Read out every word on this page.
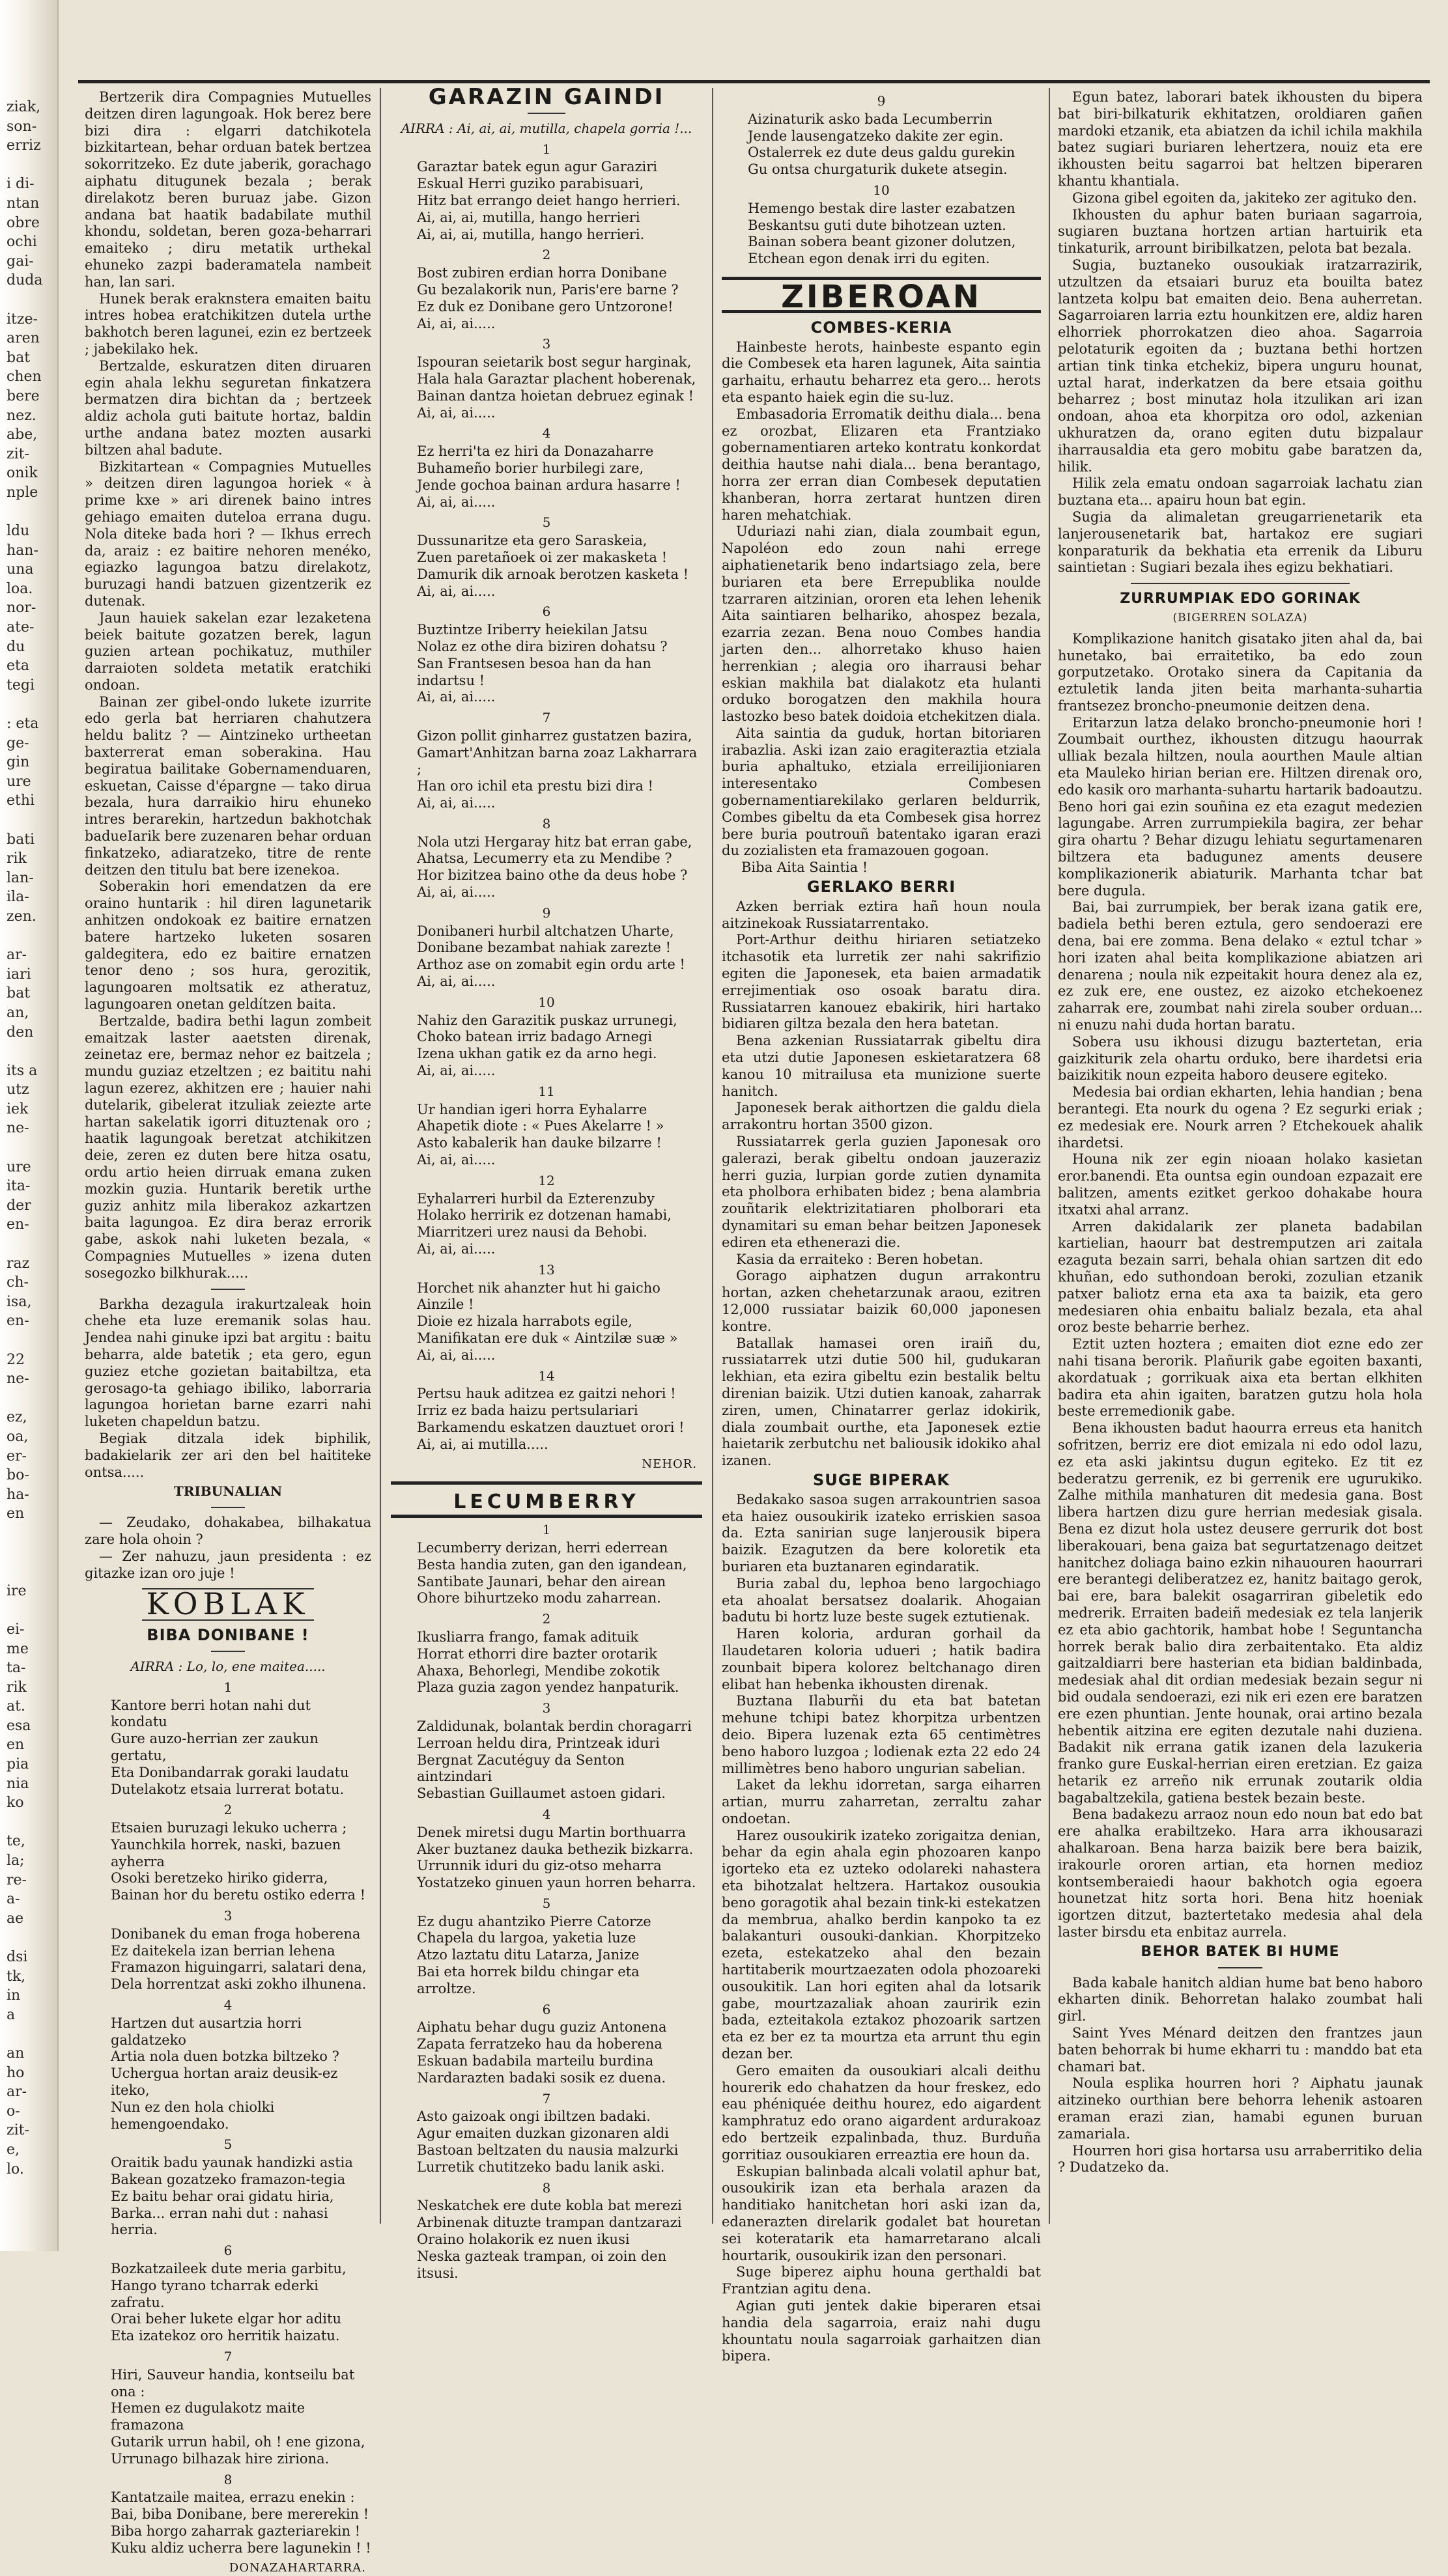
ziak,
son-
erriz
i di-
ntan
obre
ochi
gai-
duda
itze-
aren
bat
chen
bere
nez.
abe,
zit-
onik
nple
ldu
han-
una
loa.
nor-
ate-
du
eta
tegi
: eta
ge-
gin
ure
ethi
bati
rik
lan-
ila-
zen.
ar-
iari
bat
an,
den
its a
utz
iek
ne-
ure
ita-
der
en-
raz
ch-
isa,
en-
22
ne-
ez,
oa,
er-
bo-
ha-
en
ire
ei-
me
ta-
rik
at.
esa
en
pia
nia
ko
te,
la;
re-
a-
ae
dsi
tk,
in
a
an
ho
ar-
o-
zit-
e,
lo.

Bertzerik dira Compagnies Mutuelles deitzen diren lagungoak. Hok berez bere bizi dira : elgarri datchikotela bizkitartean, behar orduan batek bertzea sokorritzeko. Ez dute jaberik, gorachago aiphatu ditugunek bezala ; berak direlakotz beren buruaz jabe. Gizon andana bat haatik badabilate muthil khondu, soldetan, beren goza-beharrari emaiteko ; diru metatik urthekal ehuneko zazpi baderamatela nambeit han, lan sari.

Hunek berak eraknstera emaiten baitu intres hobea eratchikitzen dutela urthe bakhotch beren lagunei, ezin ez bertzeek ; jabekilako hek.

Bertzalde, eskuratzen diten diruaren egin ahala lekhu seguretan finkatzera bermatzen dira bichtan da ; bertzeek aldiz achola guti baitute hortaz, baldin urthe andana batez mozten ausarki biltzen ahal badute.

Bizkitartean « Compagnies Mutuelles » deitzen diren lagungoa horiek « à prime kxe » ari direnek baino intres gehiago emaiten duteloa errana dugu. Nola diteke bada hori ? — Ikhus errech da, araiz : ez baitire nehoren menéko, egiazko lagungoa batzu direlakotz, buruzagi handi batzuen gizentzerik ez dutenak.

Jaun hauiek sakelan ezar lezaketena beiek baitute gozatzen berek, lagun guzien artean pochikatuz, muthiler darraioten soldeta metatik eratchiki ondoan.

Bainan zer gibel-ondo lukete izurrite edo gerla bat herriaren chahutzera heldu balitz ? — Aintzineko urtheetan baxterrerat eman soberakina. Hau begiratua bailitake Gobernamenduaren, eskuetan, Caisse d'épargne — tako dirua bezala, hura darraikio hiru ehuneko intres berarekin, hartzedun bakhotchak badueIarik bere zuzenaren behar orduan finkatzeko, adiaratzeko, titre de rente deitzen den titulu bat bere izenekoa.

Soberakin hori emendatzen da ere oraino huntarik : hil diren lagunetarik anhitzen ondokoak ez baitire ernatzen batere hartzeko luketen sosaren galdegitera, edo ez baitire ernatzen tenor deno ; sos hura, gerozitik, lagungoaren moltsatik ez atheratuz, lagungoaren onetan geldítzen baita.

Bertzalde, badira bethi lagun zombeit emaitzak laster aaetsten direnak, zeinetaz ere, bermaz nehor ez baitzela ; mundu guziaz etzeltzen ; ez baititu nahi lagun ezerez, akhitzen ere ; hauier nahi dutelarik, gibelerat itzuliak zeiezte arte hartan sakelatik igorri dituztenak oro ; haatik lagungoak beretzat atchikitzen deie, zeren ez duten bere hitza osatu, ordu artio heien dirruak emana zuken mozkin guzia. Huntarik beretik urthe guziz anhitz mila liberakoz azkartzen baita lagungoa. Ez dira beraz errorik gabe, askok nahi luketen bezala, « Compagnies Mutuelles » izena duten sosegozko bilkhurak.....

Barkha dezagula irakurtzaleak hoin chehe eta luze eremanik solas hau. Jendea nahi ginuke ipzi bat argitu : baitu beharra, alde batetik ; eta gero, egun guziez etche gozietan baitabiltza, eta gerosago-ta gehiago ibiliko, laborraria lagungoa horietan barne ezarri nahi luketen chapeldun batzu.

Begiak ditzala idek biphilik, badakielarik zer ari den bel haititeke ontsa.....

TRIBUNALIAN

— Zeudako, dohakabea, bilhakatua zare hola ohoin ?

— Zer nahuzu, jaun presidenta : ez gitazke izan oro juje !

KOBLAK
BIBA DONIBANE !
AIRRA : Lo, lo, ene maitea.....
1
Kantore berri hotan nahi dut kondatu
Gure auzo-herrian zer zaukun gertatu,
Eta Donibandarrak goraki laudatu
Dutelakotz etsaia lurrerat botatu.
2
Etsaien buruzagi lekuko ucherra ;
Yaunchkila horrek, naski, bazuen ayherra
Osoki beretzeko hiriko giderra,
Bainan hor du beretu ostiko ederra !
3
Donibanek du eman froga hoberena
Ez daitekela izan berrian lehena
Framazon higuingarri, salatari dena,
Dela horrentzat aski zokho ilhunena.
4
Hartzen dut ausartzia horri galdatzeko
Artia nola duen botzka biltzeko ?
Uchergua hortan araiz deusik-ez iteko,
Nun ez den hola chiolki hemengoendako.
5
Oraitik badu yaunak handizki astia
Bakean gozatzeko framazon-tegia
Ez baitu behar orai gidatu hiria,
Barka... erran nahi dut : nahasi herria.
6
Bozkatzaileek dute meria garbitu,
Hango tyrano tcharrak ederki zafratu.
Orai beher lukete elgar hor aditu
Eta izatekoz oro herritik haizatu.
7
Hiri, Sauveur handia, kontseilu bat ona :
Hemen ez dugulakotz maite framazona
Gutarik urrun habil, oh ! ene gizona,
Urrunago bilhazak hire ziriona.
8
Kantatzaile maitea, errazu enekin :
Bai, biba Donibane, bere mererekin !
Biba horgo zaharrak gazteriarekin !
Kuku aldiz ucherra bere lagunekin ! !
DONAZAHARTARRA.
GARAZIN GAINDI
AIRRA : Ai, ai, ai, mutilla, chapela gorria !...
1
Garaztar batek egun agur Garaziri
Eskual Herri guziko parabisuari,
Hitz bat errango deiet hango herrieri.
Ai, ai, ai, mutilla, hango herrieri
Ai, ai, ai, mutilla, hango herrieri.
2
Bost zubiren erdian horra Donibane
Gu bezalakorik nun, Paris'ere barne ?
Ez duk ez Donibane gero Untzorone!
Ai, ai, ai.....
3
Ispouran seietarik bost segur harginak,
Hala hala Garaztar plachent hoberenak,
Bainan dantza hoietan debruez eginak !
Ai, ai, ai.....
4
Ez herri'ta ez hiri da Donazaharre
Buhameño borier hurbilegi zare,
Jende gochoa bainan ardura hasarre !
Ai, ai, ai.....
5
Dussunaritze eta gero Saraskeia,
Zuen paretañoek oi zer makasketa !
Damurik dik arnoak berotzen kasketa !
Ai, ai, ai.....
6
Buztintze Iriberry heiekilan Jatsu
Nolaz ez othe dira biziren dohatsu ?
San Frantsesen besoa han da han indartsu !
Ai, ai, ai.....
7
Gizon pollit ginharrez gustatzen bazira,
Gamart'Anhitzan barna zoaz Lakharrara ;
Han oro ichil eta prestu bizi dira !
Ai, ai, ai.....
8
Nola utzi Hergaray hitz bat erran gabe,
Ahatsa, Lecumerry eta zu Mendibe ?
Hor bizitzea baino othe da deus hobe ?
Ai, ai, ai.....
9
Donibaneri hurbil altchatzen Uharte,
Donibane bezambat nahiak zarezte !
Arthoz ase on zomabit egin ordu arte !
Ai, ai, ai.....
10
Nahiz den Garazitik puskaz urrunegi,
Choko batean irriz badago Arnegi
Izena ukhan gatik ez da arno hegi.
Ai, ai, ai.....
11
Ur handian igeri horra Eyhalarre
Ahapetik diote : « Pues Akelarre ! »
Asto kabalerik han dauke bilzarre !
Ai, ai, ai.....
12
Eyhalarreri hurbil da Ezterenzuby
Holako herririk ez dotzenan hamabi,
Miarritzeri urez nausi da Behobi.
Ai, ai, ai.....
13
Horchet nik ahanzter hut hi gaicho Ainzile !
Dioie ez hizala harrabots egile,
Manifikatan ere duk « Aintzilæ suæ »
Ai, ai, ai.....
14
Pertsu hauk aditzea ez gaitzi nehori !
Irriz ez bada haizu pertsulariari
Barkamendu eskatzen dauztuet orori !
Ai, ai, ai mutilla.....
NEHOR.
LECUMBERRY
1
Lecumberry derizan, herri ederrean
Besta handia zuten, gan den igandean,
Santibate Jaunari, behar den airean
Ohore bihurtzeko modu zaharrean.
2
Ikusliarra frango, famak adituik
Horrat ethorri dire bazter orotarik
Ahaxa, Behorlegi, Mendibe zokotik
Plaza guzia zagon yendez hanpaturik.
3
Zaldidunak, bolantak berdin choragarri
Lerroan heldu dira, Printzeak iduri
Bergnat Zacutéguy da Senton aintzindari
Sebastian Guillaumet astoen gidari.
4
Denek miretsi dugu Martin borthuarra
Aker buztanez dauka bethezik bizkarra.
Urrunnik iduri du giz-otso meharra
Yostatzeko ginuen yaun horren beharra.
5
Ez dugu ahantziko Pierre Catorze
Chapela du largoa, yaketia luze
Atzo laztatu ditu Latarza, Janize
Bai eta horrek bildu chingar eta arroltze.
6
Aiphatu behar dugu guziz Antonena
Zapata ferratzeko hau da hoberena
Eskuan badabila marteilu burdina
Nardarazten badaki sosik ez duena.
7
Asto gaizoak ongi ibiltzen badaki.
Agur emaiten duzkan gizonaren aldi
Bastoan beltzaten du nausia malzurki
Lurretik chutitzeko badu lanik aski.
8
Neskatchek ere dute kobla bat merezi
Arbinenak dituzte trampan dantzarazi
Oraino holakorik ez nuen ikusi
Neska gazteak trampan, oi zoin den itsusi.
9
Aizinaturik asko bada Lecumberrin
Jende lausengatzeko dakite zer egin.
Ostalerrek ez dute deus galdu gurekin
Gu ontsa churgaturik dukete atsegin.
10
Hemengo bestak dire laster ezabatzen
Beskantsu guti dute bihotzean uzten.
Bainan sobera beant gizoner dolutzen,
Etchean egon denak irri du egiten.
ZIBEROAN
COMBES-KERIA

Hainbeste herots, hainbeste espanto egin die Combesek eta haren lagunek, Aita saintia garhaitu, erhautu beharrez eta gero... herots eta espanto haiek egin die su-luz.

Embasadoria Erromatik deithu diala... bena ez orozbat, Elizaren eta Frantziako gobernamentiaren arteko kontratu konkordat deithia hautse nahi diala... bena berantago, horra zer erran dian Combesek deputatien khanberan, horra zertarat huntzen diren haren mehatchiak.

Uduriazi nahi zian, diala zoumbait egun, Napoléon edo zoun nahi errege aiphatienetarik beno indartsiago zela, bere buriaren eta bere Errepublika noulde tzarraren aitzinian, ororen eta lehen lehenik Aita saintiaren belhariko, ahospez bezala, ezarria zezan. Bena nouo Combes handia jarten den... alhorretako khuso haien herrenkian ; alegia oro iharrausi behar eskian makhila bat dialakotz eta hulanti orduko borogatzen den makhila houra lastozko beso batek doidoia etchekitzen diala.

Aita saintia da guduk, hortan bitoriaren irabazlia. Aski izan zaio eragiteraztia etziala buria aphaltuko, etziala erreilijioniaren interesentako Combesen gobernamentiarekilako gerlaren beldurrik, Combes gibeltu da eta Combesek gisa horrez bere buria poutrouñ batentako igaran erazi du zozialisten eta framazouen gogoan.

Biba Aita Saintia !
GERLAKO BERRI

Azken berriak eztira hañ houn noula aitzinekoak Russiatarrentako.

Port-Arthur deithu hiriaren setiatzeko itchasotik eta lurretik zer nahi sakrifizio egiten die Japonesek, eta baien armadatik errejimentiak oso osoak baratu dira. Russiatarren kanouez ebakirik, hiri hartako bidiaren giltza bezala den hera batetan.

Bena azkenian Russiatarrak gibeltu dira eta utzi dutie Japonesen eskietaratzera 68 kanou 10 mitrailusa eta munizione suerte hanitch.

Japonesek berak aithortzen die galdu diela arrakontru hortan 3500 gizon.

Russiatarrek gerla guzien Japonesak oro galerazi, berak gibeltu ondoan jauzeraziz herri guzia, lurpian gorde zutien dynamita eta pholbora erhibaten bidez ; bena alambria zouñtarik elektrizitatiaren pholborari eta dynamitari su eman behar beitzen Japonesek ediren eta ethenerazi die.

Kasia da erraiteko : Beren hobetan.

Gorago aiphatzen dugun arrakontru hortan, azken chehetarzunak araou, ezitren 12,000 russiatar baizik 60,000 japonesen kontre.

Batallak hamasei oren iraiñ du, russiatarrek utzi dutie 500 hil, gudukaran lekhian, eta ezira gibeltu ezin bestalik beltu direnian baizik. Utzi dutien kanoak, zaharrak ziren, umen, Chinatarrer gerlaz idokirik, diala zoumbait ourthe, eta Japonesek eztie haietarik zerbutchu net baliousik idokiko ahal izanen.

SUGE BIPERAK

Bedakako sasoa sugen arrakountrien sasoa eta haiez ousoukirik izateko erriskien sasoa da. Ezta sanirian suge lanjerousik bipera baizik. Ezagutzen da bere koloretik eta buriaren eta buztanaren egindaratik.

Buria zabal du, lephoa beno largochiago eta ahoalat bersatsez doalarik. Ahogaian badutu bi hortz luze beste sugek eztutienak.

Haren koloria, arduran gorhail da Ilaudetaren koloria udueri ; hatik badira zounbait bipera kolorez beltchanago diren elibat han hebenka ikhousten direnak.

Buztana Ilaburñi du eta bat batetan mehune tchipi batez khorpitza urbentzen deio. Bipera luzenak ezta 65 centimètres beno haboro luzgoa ; lodienak ezta 22 edo 24 millimètres beno haboro ungurian sabelian.

Laket da lekhu idorretan, sarga eiharren artian, murru zaharretan, zerraltu zahar ondoetan.

Harez ousoukirik izateko zorigaitza denian, behar da egin ahala egin phozoaren kanpo igorteko eta ez uzteko odolareki nahastera eta bihotzalat heltzera. Hartakoz ousoukia beno goragotik ahal bezain tink-ki estekatzen da membrua, ahalko berdin kanpoko ta ez balakanturi ousouki-dankian. Khorpitzeko ezeta, estekatzeko ahal den bezain hartitaberik mourtzaezaten odola phozoareki ousoukitik. Lan hori egiten ahal da lotsarik gabe, mourtzazaliak ahoan zauririk ezin bada, ezteitakola eztakoz phozoarik sartzen eta ez ber ez ta mourtza eta arrunt thu egin dezan ber.

Gero emaiten da ousoukiari alcali deithu hourerik edo chahatzen da hour freskez, edo eau phéniquée deithu hourez, edo aigardent kamphratuz edo orano aigardent ardurakoaz edo bertzeik ezpalinbada, thuz. Burduña gorritiaz ousoukiaren erreaztia ere houn da.

Eskupian balinbada alcali volatil aphur bat, ousoukirik izan eta berhala arazen da handitiako hanitchetan hori aski izan da, edanerazten direlarik godalet bat houretan sei koteratarik eta hamarretarano alcali hourtarik, ousoukirik izan den personari.

Suge biperez aiphu houna gerthaldi bat Frantzian agitu dena.

Agian guti jentek dakie biperaren etsai handia dela sagarroia, eraiz nahi dugu khountatu noula sagarroiak garhaitzen dian bipera.

Egun batez, laborari batek ikhousten du bipera bat biri-bilkaturik ekhitatzen, oroldiaren gañen mardoki etzanik, eta abiatzen da ichil ichila makhila batez sugiari buriaren lehertzera, nouiz eta ere ikhousten beitu sagarroi bat heltzen biperaren khantu khantiala.

Gizona gibel egoiten da, jakiteko zer agituko den.

Ikhousten du aphur baten buriaan sagarroia, sugiaren buztana hortzen artian hartuirik eta tinkaturik, arrount biribilkatzen, pelota bat bezala.

Sugia, buztaneko ousoukiak iratzarrazirik, utzultzen da etsaiari buruz eta bouilta batez lantzeta kolpu bat emaiten deio. Bena auherretan. Sagarroiaren larria eztu hounkitzen ere, aldiz haren elhorriek phorrokatzen dieo ahoa. Sagarroia pelotaturik egoiten da ; buztana bethi hortzen artian tink tinka etchekiz, bipera unguru hounat, uztal harat, inderkatzen da bere etsaia goithu beharrez ; bost minutaz hola itzulikan ari izan ondoan, ahoa eta khorpitza oro odol, azkenian ukhuratzen da, orano egiten dutu bizpalaur iharrausaldia eta gero mobitu gabe baratzen da, hilik.

Hilik zela ematu ondoan sagarroiak lachatu zian buztana eta... apairu houn bat egin.

Sugia da alimaletan greugarrienetarik eta lanjerousenetarik bat, hartakoz ere sugiari konparaturik da bekhatia eta errenik da Liburu saintietan : Sugiari bezala ihes egizu bekhatiari.

ZURRUMPIAK EDO GORINAK
(BIGERREN SOLAZA)

Komplikazione hanitch gisatako jiten ahal da, bai hunetako, bai erraitetiko, ba edo zoun gorputzetako. Orotako sinera da Capitania da eztuletik landa jiten beita marhanta-suhartia frantsezez broncho-pneumonie deitzen dena.

Eritarzun latza delako broncho-pneumonie hori ! Zoumbait ourthez, ikhousten ditzugu haourrak ulliak bezala hiltzen, noula aourthen Maule altian eta Mauleko hirian berian ere. Hiltzen direnak oro, edo kasik oro marhanta-suhartu hartarik badoautzu. Beno hori gai ezin souñina ez eta ezagut medezien lagungabe. Arren zurrumpiekila bagira, zer behar gira ohartu ? Behar dizugu lehiatu segurtamenaren biltzera eta badugunez aments deusere komplikazionerik abiaturik. Marhanta tchar bat bere dugula.

Bai, bai zurrumpiek, ber berak izana gatik ere, badiela bethi beren eztula, gero sendoerazi ere dena, bai ere zomma. Bena delako « eztul tchar » hori izaten ahal beita komplikazione abiatzen ari denarena ; noula nik ezpeitakit houra denez ala ez, ez zuk ere, ene oustez, ez aizoko etchekoenez zaharrak ere, zoumbat nahi zirela souber orduan... ni enuzu nahi duda hortan baratu.

Sobera usu ikhousi dizugu baztertetan, eria gaizkiturik zela ohartu orduko, bere ihardetsi eria baizikitik noun ezpeita haboro deusere egiteko.

Medesia bai ordian ekharten, lehia handian ; bena berantegi. Eta nourk du ogena ? Ez segurki eriak ; ez medesiak ere. Nourk arren ? Etchekouek ahalik ihardetsi.

Houna nik zer egin nioaan holako kasietan eror.banendi. Eta ountsa egin oundoan ezpazait ere balitzen, aments ezitket gerkoo dohakabe houra itxatxi ahal arranz.

Arren dakidalarik zer planeta badabilan kartielian, haourr bat destremputzen ari zaitala ezaguta bezain sarri, behala ohian sartzen dit edo khuñan, edo suthondoan beroki, zozulian etzanik patxer baliotz erna eta axa ta baizik, eta gero medesiaren ohia enbaitu balialz bezala, eta ahal oroz beste beharrie berhez.

Eztit uzten hoztera ; emaiten diot ezne edo zer nahi tisana berorik. Plañurik gabe egoiten baxanti, akordatuak ; gorrikuak aixa eta bertan elkhiten badira eta ahin igaiten, baratzen gutzu hola hola beste erremedionik gabe.

Bena ikhousten badut haourra erreus eta hanitch sofritzen, berriz ere diot emizala ni edo odol lazu, ez eta aski jakintsu dugun egiteko. Ez tit ez bederatzu gerrenik, ez bi gerrenik ere ugurukiko. Zalhe mithila manhaturen dit medesia gana. Bost libera hartzen dizu gure herrian medesiak gisala. Bena ez dizut hola ustez deusere gerrurik dot bost liberakouari, bena gaiza bat segurtatzenago deitzet hanitchez doliaga baino ezkin nihauouren haourrari ere berantegi deliberatzez ez, hanitz baitago gerok, bai ere, bara balekit osagarriran gibeletik edo medrerik. Erraiten badeiñ medesiak ez tela lanjerik ez eta abio gachtorik, hambat hobe ! Seguntancha horrek berak balio dira zerbaitentako. Eta aldiz gaitzaldiarri bere hasterian eta bidian baldinbada, medesiak ahal dit ordian medesiak bezain segur ni bid oudala sendoerazi, ezi nik eri ezen ere baratzen ere ezen phuntian. Jente hounak, orai artino bezala hebentik aitzina ere egiten dezutale nahi duziena. Badakit nik errana gatik izanen dela lazukeria franko gure Euskal-herrian eiren eretzian. Ez gaiza hetarik ez arreño nik errunak zoutarik oldia bagabaltzekila, gatiena bestek bezain beste.

Bena badakezu arraoz noun edo noun bat edo bat ere ahalka erabiltzeko. Hara arra ikhousarazi ahalkaroan. Bena harza baizik bere bera baizik, irakourle ororen artian, eta hornen medioz kontsemberaiedi haour bakhotch ogia egoera hounetzat hitz sorta hori. Bena hitz hoeniak igortzen ditzut, baztertetako medesia ahal dela laster birsdu eta enbitaz aurrela.

BEHOR BATEK BI HUME

Bada kabale hanitch aldian hume bat beno haboro ekharten dinik. Behorretan halako zoumbat hali girl.

Saint Yves Ménard deitzen den frantzes jaun baten behorrak bi hume ekharri tu : manddo bat eta chamari bat.

Noula esplika hourren hori ? Aiphatu jaunak aitzineko ourthian bere behorra lehenik astoaren eraman erazi zian, hamabi egunen buruan zamariala.

Hourren hori gisa hortarsa usu arraberritiko delia ? Dudatzeko da.
